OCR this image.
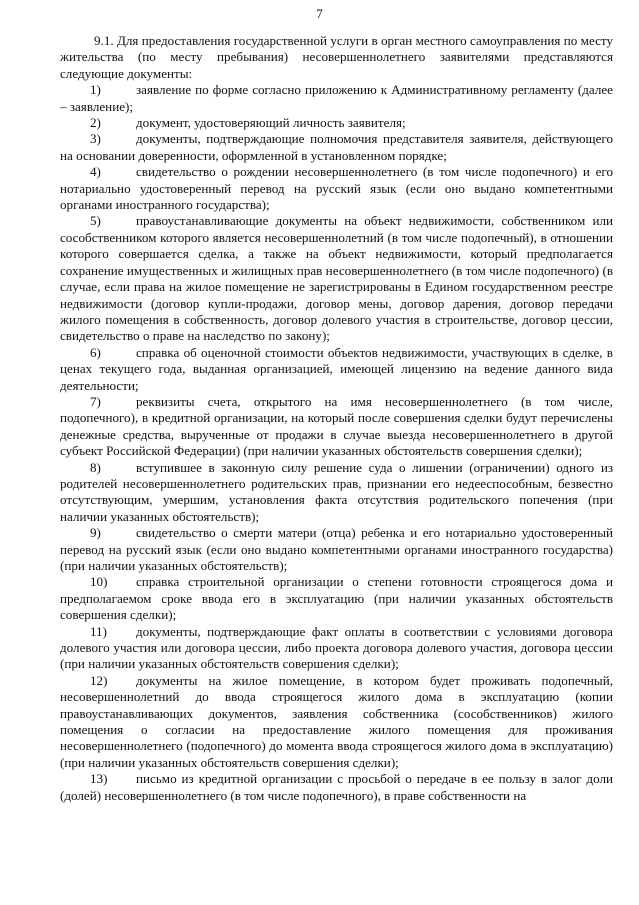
7

9.1. Для предоставления государственной услуги в орган местного самоуправления по месту жительства (по месту пребывания) несовершеннолетнего заявителями представляются следующие документы:

1)	заявление по форме согласно приложению к Административному регламенту (далее – заявление);

2)	документ, удостоверяющий личность заявителя;

3)	документы, подтверждающие полномочия представителя заявителя, действующего на основании доверенности, оформленной в установленном порядке;

4)	свидетельство о рождении несовершеннолетнего (в том числе подопечного) и его нотариально удостоверенный перевод на русский язык (если оно выдано компетентными органами иностранного государства);

5)	правоустанавливающие документы на объект недвижимости, собственником или сособственником которого является несовершеннолетний (в том числе подопечный), в отношении которого совершается сделка, а также на объект недвижимости, который предполагается сохранение имущественных и жилищных прав несовершеннолетнего (в том числе подопечного) (в случае, если права на жилое помещение не зарегистрированы в Едином государственном реестре недвижимости (договор купли-продажи, договор мены, договор дарения, договор передачи жилого помещения в собственность, договор долевого участия в строительстве, договор цессии, свидетельство о праве на наследство по закону);

6)	справка об оценочной стоимости объектов недвижимости, участвующих в сделке, в ценах текущего года, выданная организацией, имеющей лицензию на ведение данного вида деятельности;

7)	реквизиты счета, открытого на имя несовершеннолетнего (в том числе, подопечного), в кредитной организации, на который после совершения сделки будут перечислены денежные средства, вырученные от продажи в случае выезда несовершеннолетнего в другой субъект Российской Федерации) (при наличии указанных обстоятельств совершения сделки);

8)	вступившее в законную силу решение суда о лишении (ограничении) одного из родителей несовершеннолетнего родительских прав, признании его недееспособным, безвестно отсутствующим, умершим, установления факта отсутствия родительского попечения (при наличии указанных обстоятельств);

9)	свидетельство о смерти матери (отца) ребенка и его нотариально удостоверенный перевод на русский язык (если оно выдано компетентными органами иностранного государства) (при наличии указанных обстоятельств);

10) справка строительной организации о степени готовности строящегося дома и предполагаемом сроке ввода его в эксплуатацию (при наличии указанных обстоятельств совершения сделки);

11) документы, подтверждающие факт оплаты в соответствии с условиями договора долевого участия или договора цессии, либо проекта договора долевого участия, договора цессии (при наличии указанных обстоятельств совершения сделки);

12) документы на жилое помещение, в котором будет проживать подопечный, несовершеннолетний до ввода строящегося жилого дома в эксплуатацию (копии правоустанавливающих документов, заявления собственника (сособственников) жилого помещения о согласии на предоставление жилого помещения для проживания несовершеннолетнего (подопечного) до момента ввода строящегося жилого дома в эксплуатацию) (при наличии указанных обстоятельств совершения сделки);

13) письмо из кредитной организации с просьбой о передаче в ее пользу в залог доли (долей) несовершеннолетнего (в том числе подопечного), в праве собственности на
